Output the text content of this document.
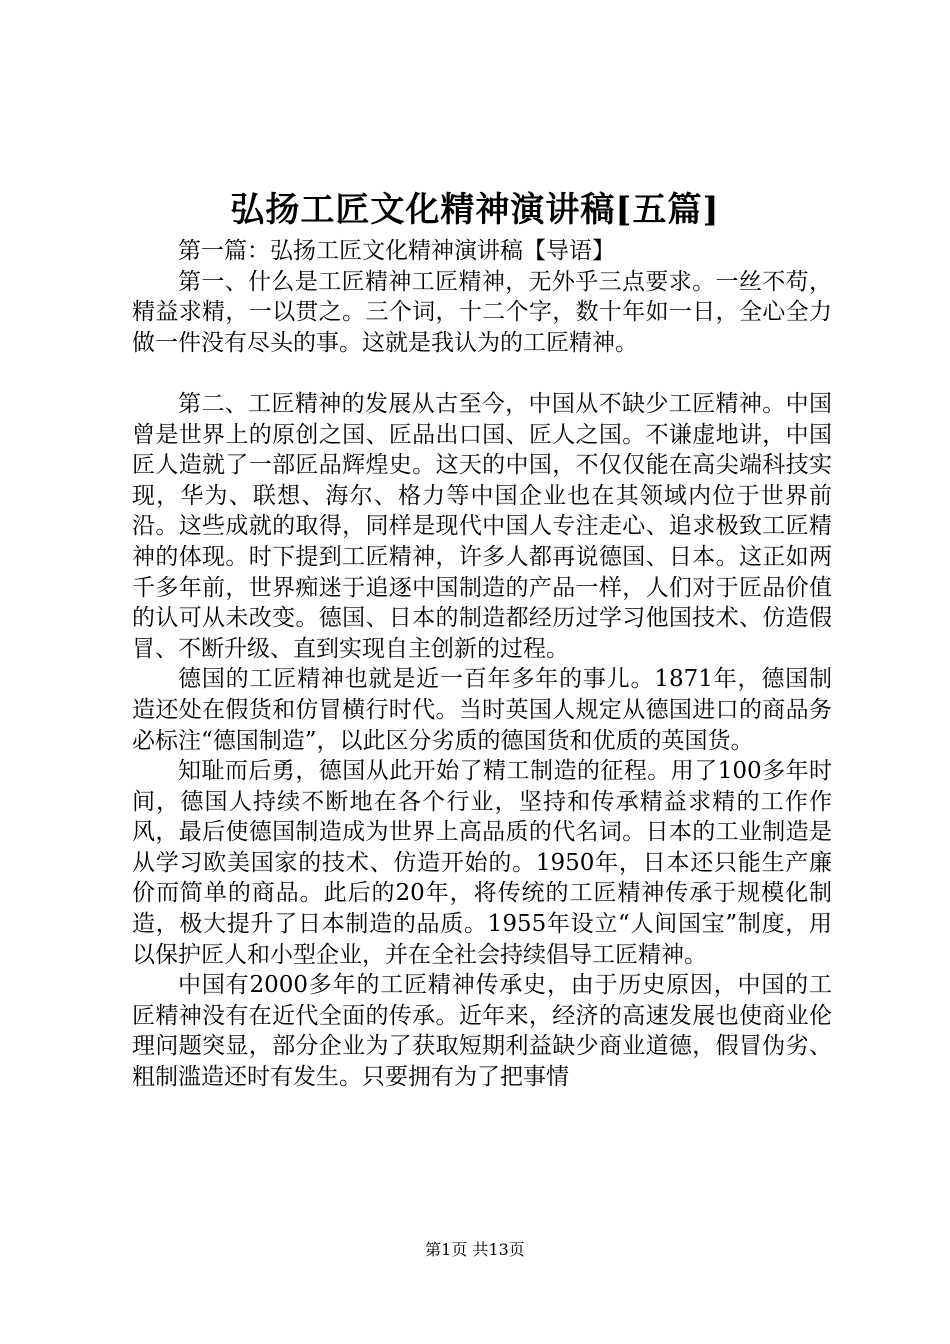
弘扬工匠文化精神演讲稿[五篇]

第一篇：弘扬工匠文化精神演讲稿【导语】

第一、什么是工匠精神工匠精神，无外乎三点要求。一丝不苟，精益求精，一以贯之。三个词，十二个字，数十年如一日，全心全力做一件没有尽头的事。这就是我认为的工匠精神。

第二、工匠精神的发展从古至今，中国从不缺少工匠精神。中国曾是世界上的原创之国、匠品出口国、匠人之国。不谦虚地讲，中国匠人造就了一部匠品辉煌史。这天的中国，不仅仅能在高尖端科技实现，华为、联想、海尔、格力等中国企业也在其领域内位于世界前沿。这些成就的取得，同样是现代中国人专注走心、追求极致工匠精神的体现。时下提到工匠精神，许多人都再说德国、日本。这正如两千多年前，世界痴迷于追逐中国制造的产品一样，人们对于匠品价值的认可从未改变。德国、日本的制造都经历过学习他国技术、仿造假冒、不断升级、直到实现自主创新的过程。

德国的工匠精神也就是近一百年多年的事儿。1871年，德国制造还处在假货和仿冒横行时代。当时英国人规定从德国进口的商品务必标注“德国制造”，以此区分劣质的德国货和优质的英国货。

知耻而后勇，德国从此开始了精工制造的征程。用了100多年时间，德国人持续不断地在各个行业，坚持和传承精益求精的工作作风，最后使德国制造成为世界上高品质的代名词。日本的工业制造是从学习欧美国家的技术、仿造开始的。1950年，日本还只能生产廉价而简单的商品。此后的20年，将传统的工匠精神传承于规模化制造，极大提升了日本制造的品质。1955年设立“人间国宝”制度，用以保护匠人和小型企业，并在全社会持续倡导工匠精神。

中国有2000多年的工匠精神传承史，由于历史原因，中国的工匠精神没有在近代全面的传承。近年来，经济的高速发展也使商业伦理问题突显，部分企业为了获取短期利益缺少商业道德，假冒伪劣、粗制滥造还时有发生。只要拥有为了把事情

第1页 共13页
